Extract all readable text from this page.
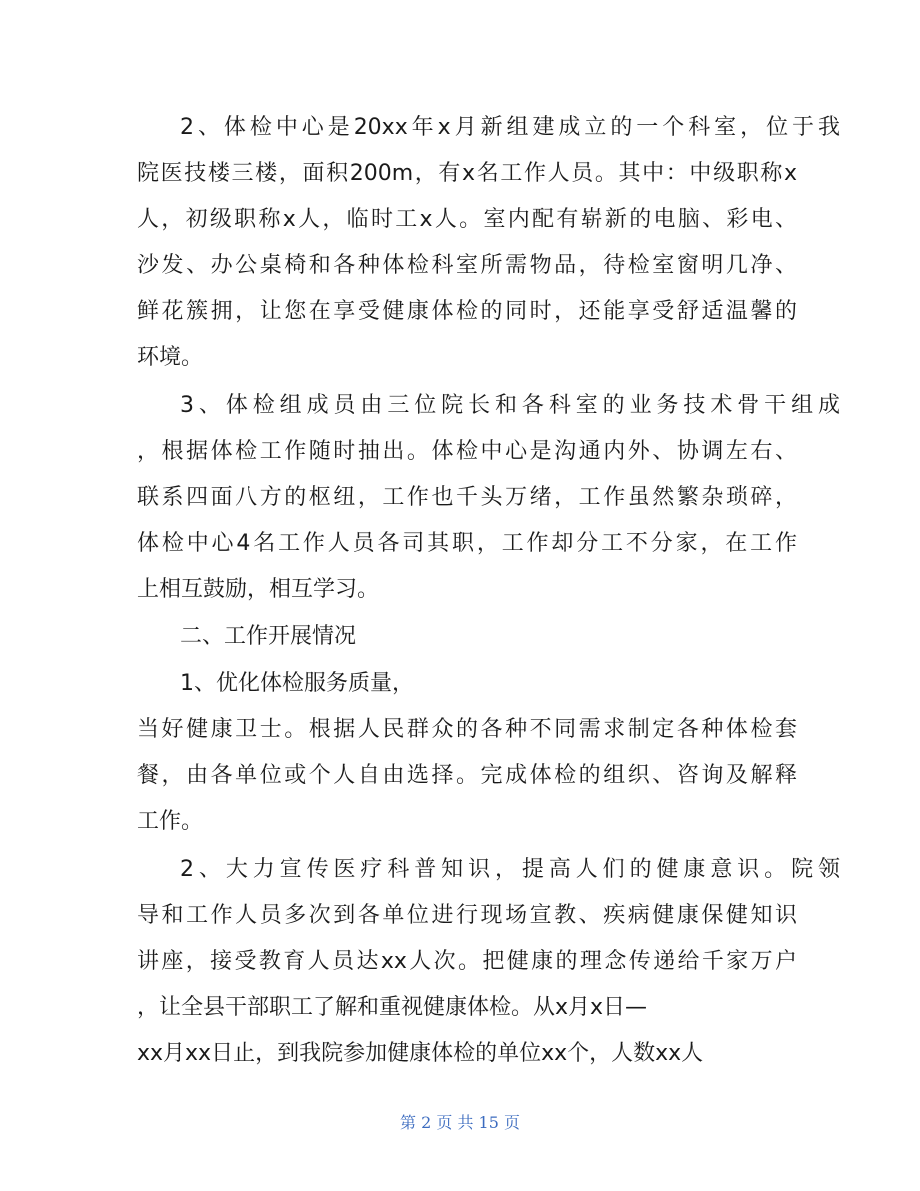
2、体检中心是20xx年x月新组建成立的一个科室，位于我
院医技楼三楼，面积200m，有x名工作人员。其中：中级职称x
人，初级职称x人，临时工x人。室内配有崭新的电脑、彩电、
沙发、办公桌椅和各种体检科室所需物品，待检室窗明几净、
鲜花簇拥，让您在享受健康体检的同时，还能享受舒适温馨的
环境。
3、体检组成员由三位院长和各科室的业务技术骨干组成
，根据体检工作随时抽出。体检中心是沟通内外、协调左右、
联系四面八方的枢纽，工作也千头万绪，工作虽然繁杂琐碎，
体检中心4名工作人员各司其职，工作却分工不分家，在工作
上相互鼓励，相互学习。
二、工作开展情况
1、优化体检服务质量，
当好健康卫士。根据人民群众的各种不同需求制定各种体检套
餐，由各单位或个人自由选择。完成体检的组织、咨询及解释
工作。
2、大力宣传医疗科普知识，提高人们的健康意识。院领
导和工作人员多次到各单位进行现场宣教、疾病健康保健知识
讲座，接受教育人员达xx人次。把健康的理念传递给千家万户
，让全县干部职工了解和重视健康体检。从x月x日—
xx月xx日止，到我院参加健康体检的单位xx个，人数xx人
第 2 页 共 15 页
